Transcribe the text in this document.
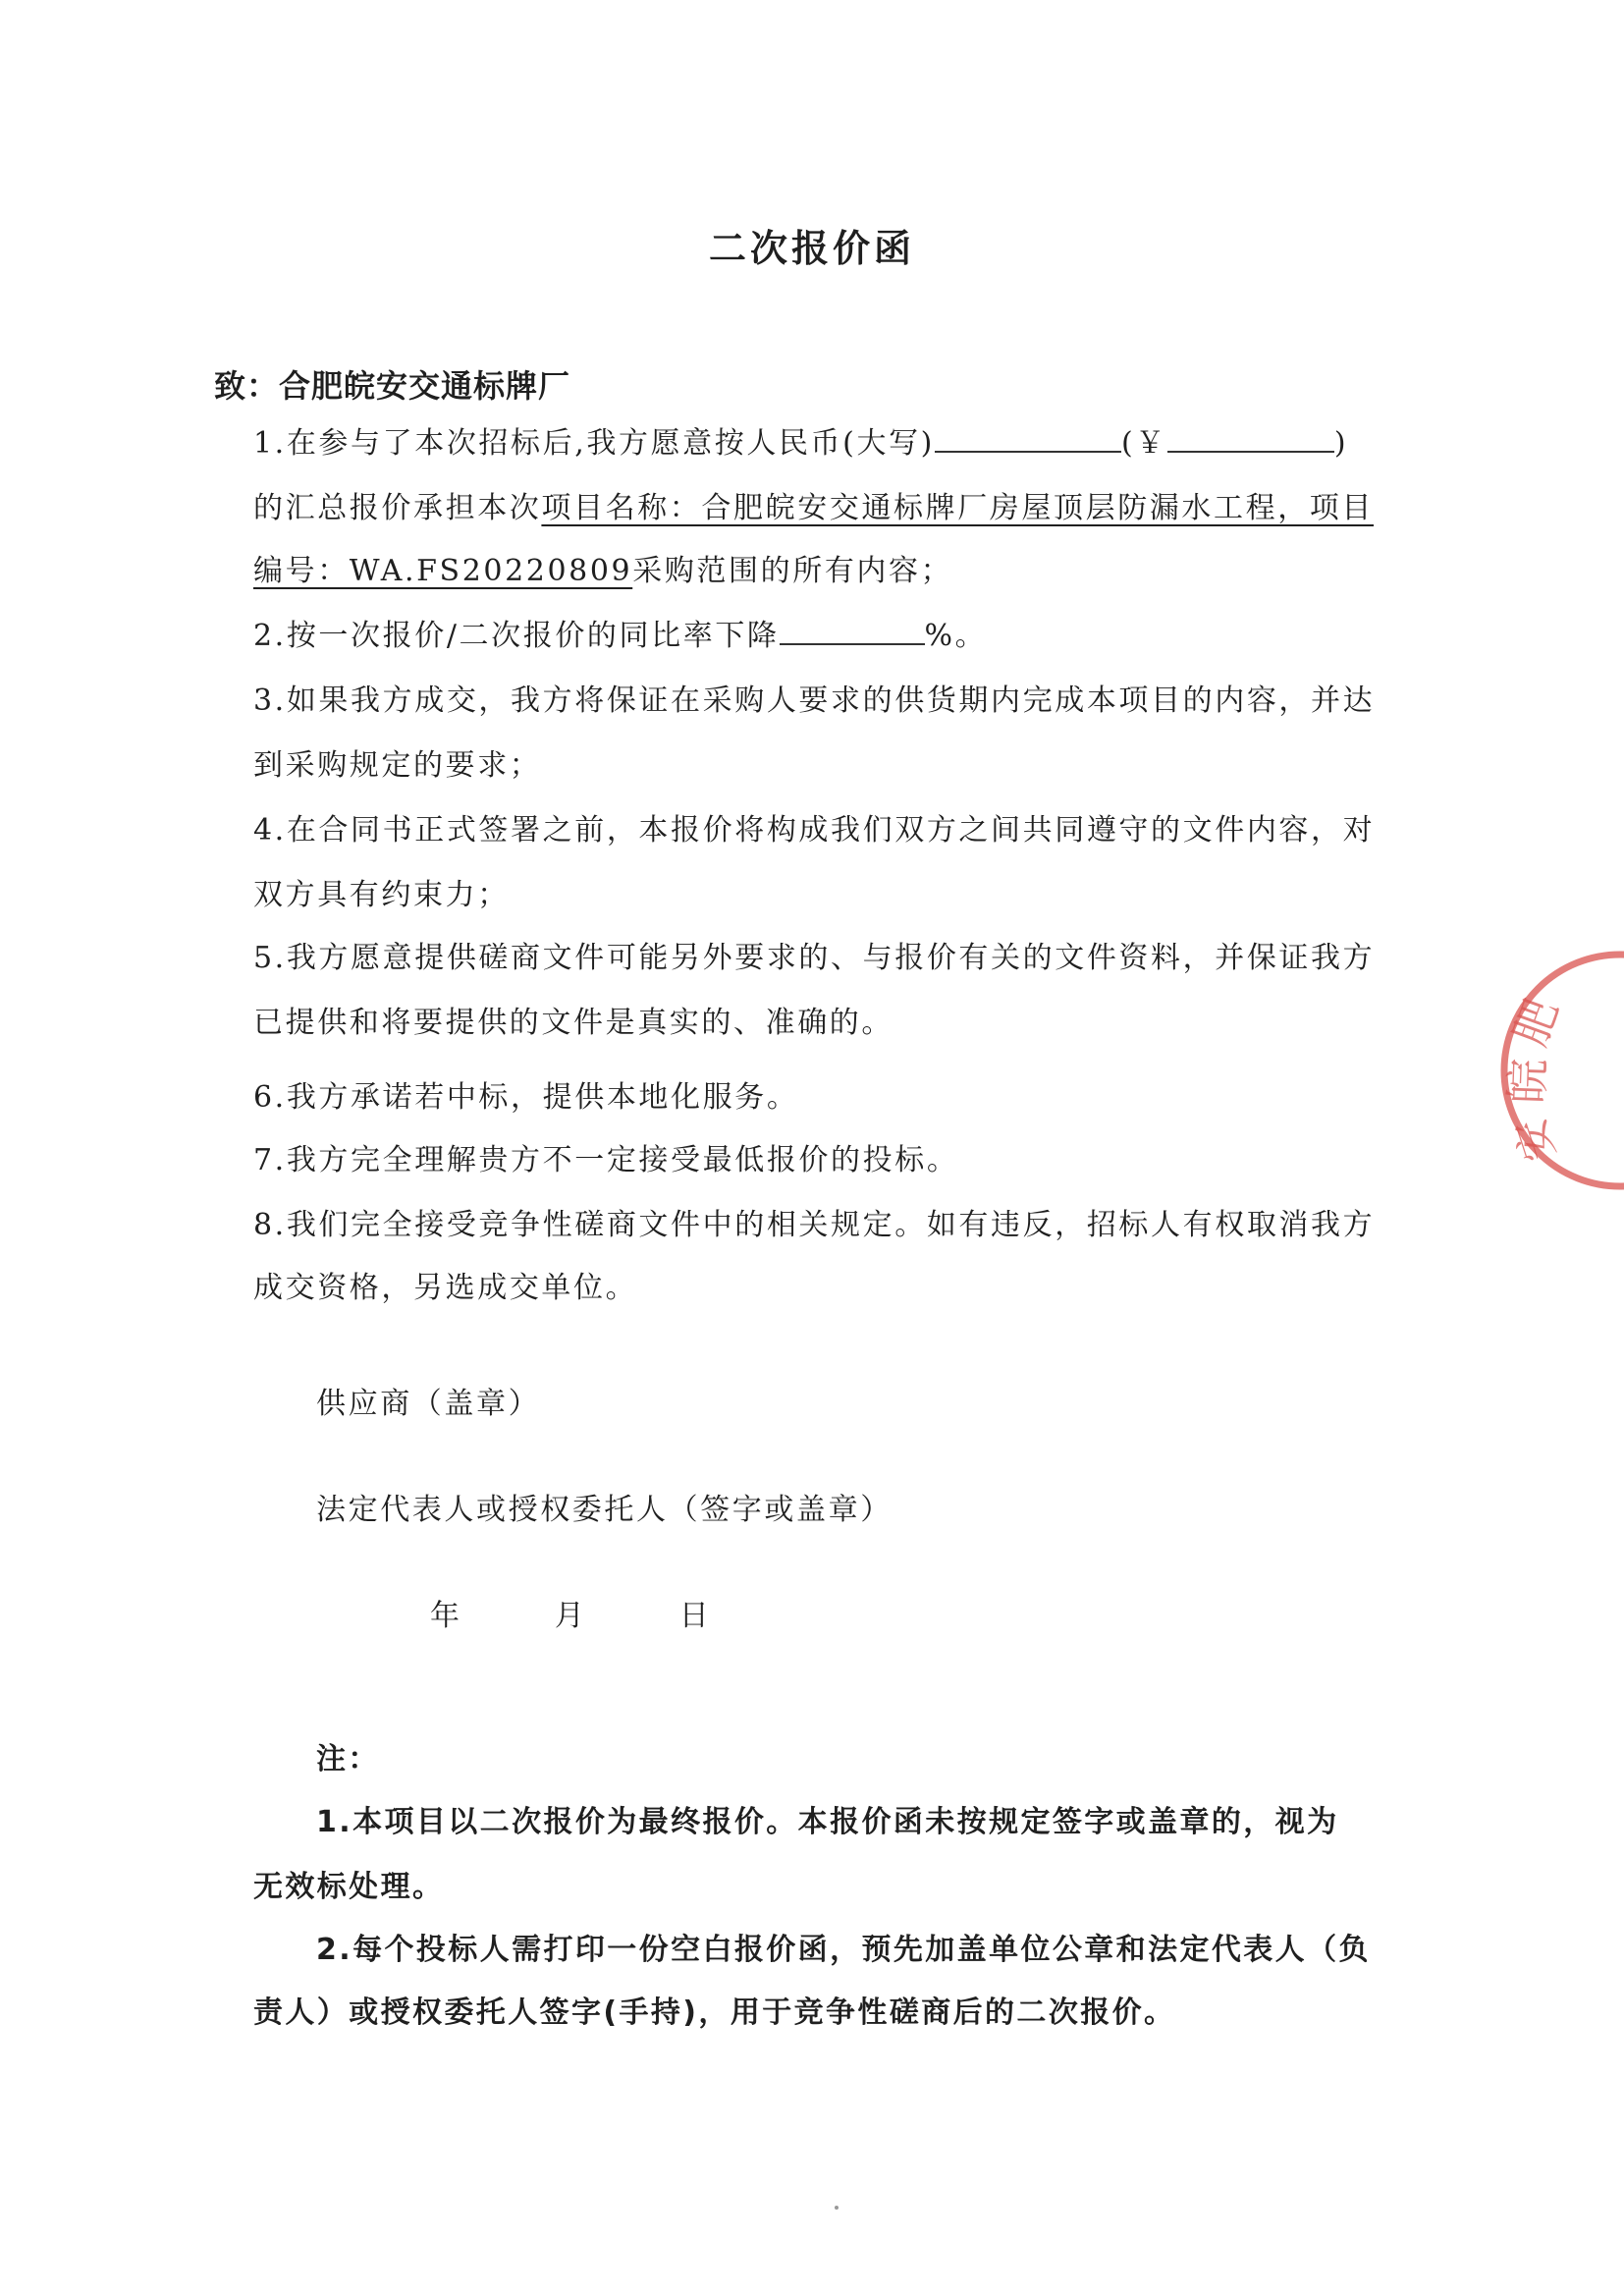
二次报价函
致：合肥皖安交通标牌厂
1.在参与了本次招标后,我方愿意按人民币(大写)	(￥	)
的汇总报价承担本次项目名称：合肥皖安交通标牌厂房屋顶层防漏水工程，项目
编号：WA.FS20220809采购范围的所有内容；
2.按一次报价/二次报价的同比率下降	%。
3.如果我方成交，我方将保证在采购人要求的供货期内完成本项目的内容，并达
到采购规定的要求；
4.在合同书正式签署之前，本报价将构成我们双方之间共同遵守的文件内容，对
双方具有约束力；
5.我方愿意提供磋商文件可能另外要求的、与报价有关的文件资料，并保证我方
已提供和将要提供的文件是真实的、准确的。
6.我方承诺若中标，提供本地化服务。
7.我方完全理解贵方不一定接受最低报价的投标。
8.我们完全接受竞争性磋商文件中的相关规定。如有违反，招标人有权取消我方
成交资格，另选成交单位。
供应商（盖章）
法定代表人或授权委托人（签字或盖章）
年	月	日
注：
1.本项目以二次报价为最终报价。本报价函未按规定签字或盖章的，视为
无效标处理。
2.每个投标人需打印一份空白报价函，预先加盖单位公章和法定代表人（负
责人）或授权委托人签字(手持)，用于竞争性磋商后的二次报价。
肥
皖
安
